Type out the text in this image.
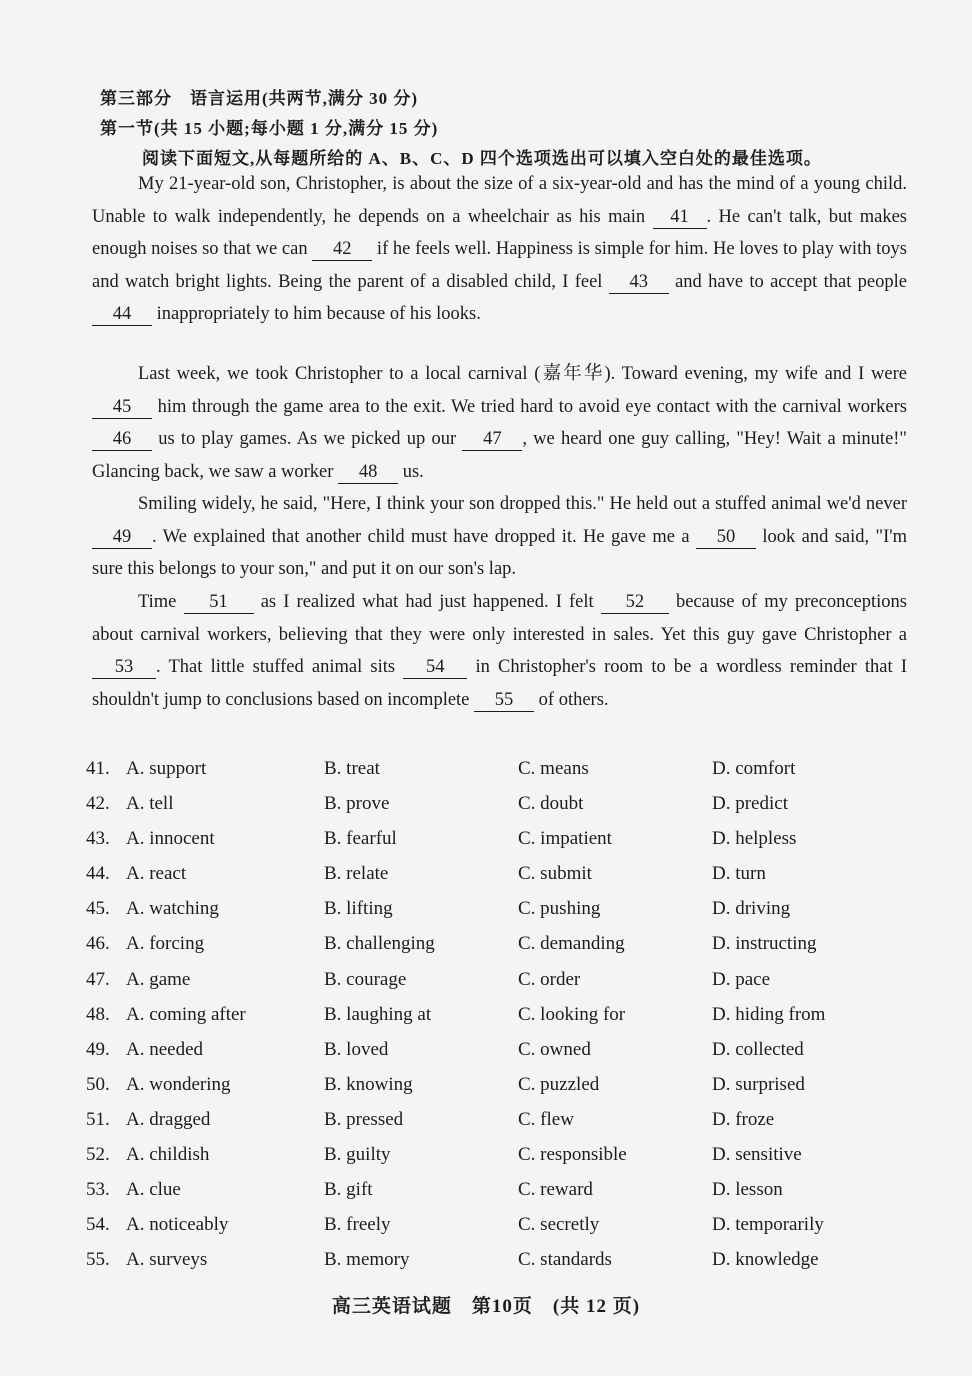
第三部分　语言运用(共两节,满分 30 分)
第一节(共 15 小题;每小题 1 分,满分 15 分)
阅读下面短文,从每题所给的 A、B、C、D 四个选项选出可以填入空白处的最佳选项。
My 21-year-old son, Christopher, is about the size of a six-year-old and has the mind of a young child. Unable to walk independently, he depends on a wheelchair as his main 41 . He can't talk, but makes enough noises so that we can 42 if he feels well. Happiness is simple for him. He loves to play with toys and watch bright lights. Being the parent of a disabled child, I feel 43 and have to accept that people 44 inappropriately to him because of his looks.
Last week, we took Christopher to a local carnival (嘉年华). Toward evening, my wife and I were 45 him through the game area to the exit. We tried hard to avoid eye contact with the carnival workers 46 us to play games. As we picked up our 47 , we heard one guy calling, "Hey! Wait a minute!" Glancing back, we saw a worker 48 us.
Smiling widely, he said, "Here, I think your son dropped this." He held out a stuffed animal we'd never 49 . We explained that another child must have dropped it. He gave me a 50 look and said, "I'm sure this belongs to your son," and put it on our son's lap.
Time 51 as I realized what had just happened. I felt 52 because of my preconceptions about carnival workers, believing that they were only interested in sales. Yet this guy gave Christopher a 53 . That little stuffed animal sits 54 in Christopher's room to be a wordless reminder that I shouldn't jump to conclusions based on incomplete 55 of others.
41. A. support	B. treat	C. means	D. comfort
42. A. tell	B. prove	C. doubt	D. predict
43. A. innocent	B. fearful	C. impatient	D. helpless
44. A. react	B. relate	C. submit	D. turn
45. A. watching	B. lifting	C. pushing	D. driving
46. A. forcing	B. challenging	C. demanding	D. instructing
47. A. game	B. courage	C. order	D. pace
48. A. coming after	B. laughing at	C. looking for	D. hiding from
49. A. needed	B. loved	C. owned	D. collected
50. A. wondering	B. knowing	C. puzzled	D. surprised
51. A. dragged	B. pressed	C. flew	D. froze
52. A. childish	B. guilty	C. responsible	D. sensitive
53. A. clue	B. gift	C. reward	D. lesson
54. A. noticeably	B. freely	C. secretly	D. temporarily
55. A. surveys	B. memory	C. standards	D. knowledge
高三英语试题　第10页　(共 12 页)
